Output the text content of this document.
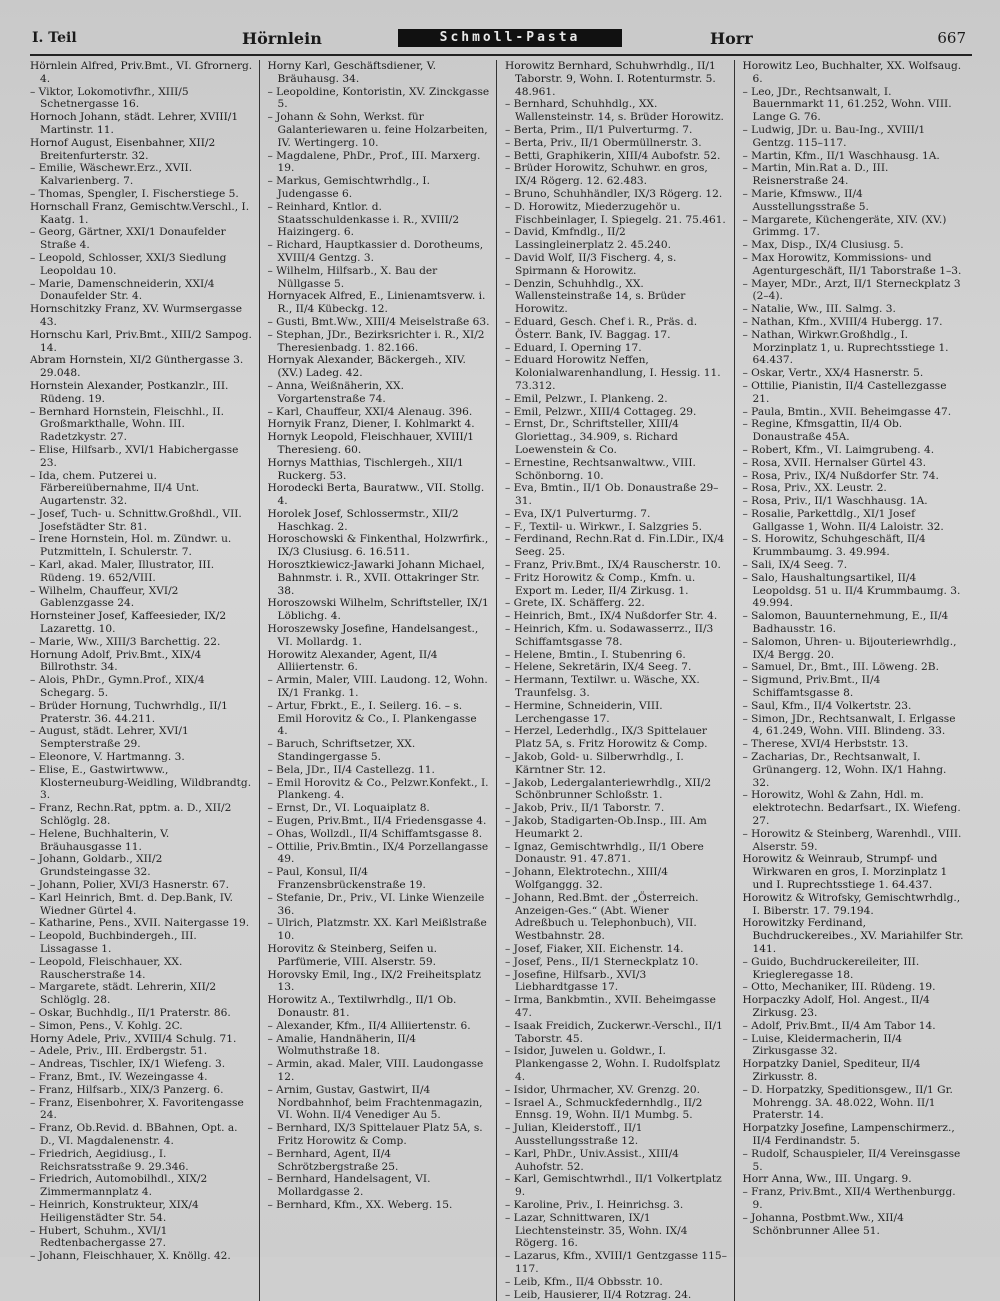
I. Teil	Hörnlein	Schmoll-Pasta	Horr	667

Hörnlein Alfred, Priv.Bmt., VI. Gfrornerg. 4.

– Viktor, Lokomotivfhr., XIII/5 Schetnergasse 16.

Hornoch Johann, städt. Lehrer, XVIII/1 Martinstr. 11.

Hornof August, Eisenbahner, XII/2 Breitenfurterstr. 32.

– Emilie, Wäschewr.Erz., XVII. Kalvarienberg. 7.

– Thomas, Spengler, I. Fischerstiege 5.

Hornschall Franz, Gemischtw.Verschl., I. Kaatg. 1.

– Georg, Gärtner, XXI/1 Donaufelder Straße 4.

– Leopold, Schlosser, XXI/3 Siedlung Leopoldau 10.

– Marie, Damenschneiderin, XXI/4 Donaufelder Str. 4.

Hornschitzky Franz, XV. Wurmsergasse 43.

Hornschu Karl, Priv.Bmt., XIII/2 Sampog. 14.

Abram Hornstein, XI/2 Günthergasse 3. 29.048.

Hornstein Alexander, Postkanzlr., III. Rüdeng. 19.

– Bernhard Hornstein, Fleischhl., II. Großmarkthalle, Wohn. III. Radetzkystr. 27.

– Elise, Hilfsarb., XVI/1 Habichergasse 23.

– Ida, chem. Putzerei u. Färbereiübernahme, II/4 Unt. Augartenstr. 32.

– Josef, Tuch- u. Schnittw.Großhdl., VII. Josefstädter Str. 81.

– Irene Hornstein, Hol. m. Zündwr. u. Putzmitteln, I. Schulerstr. 7.

– Karl, akad. Maler, Illustrator, III. Rüdeng. 19. 652/VIII.

– Wilhelm, Chauffeur, XVI/2 Gablenzgasse 24.

Hornsteiner Josef, Kaffeesieder, IX/2 Lazarettg. 10.

– Marie, Ww., XIII/3 Barchettig. 22.

Hornung Adolf, Priv.Bmt., XIX/4 Billrothstr. 34.

– Alois, PhDr., Gymn.Prof., XIX/4 Schegarg. 5.

– Brüder Hornung, Tuchwrhdlg., II/1 Praterstr. 36. 44.211.

– August, städt. Lehrer, XVI/1 Sempterstraße 29.

– Eleonore, V. Hartmanng. 3.

– Elise, E., Gastwirtwww., Klosterneuburg-Weidling, Wildbrandtg. 3.

– Franz, Rechn.Rat, pptm. a. D., XII/2 Schlöglg. 28.

– Helene, Buchhalterin, V. Bräuhausgasse 11.

– Johann, Goldarb., XII/2 Grundsteingasse 32.

– Johann, Polier, XVI/3 Hasnerstr. 67.

– Karl Heinrich, Bmt. d. Dep.Bank, IV. Wiedner Gürtel 4.

– Katharine, Pens., XVII. Naitergasse 19.

– Leopold, Buchbindergeh., III. Lissagasse 1.

– Leopold, Fleischhauer, XX. Rauscherstraße 14.

– Margarete, städt. Lehrerin, XII/2 Schlöglg. 28.

– Oskar, Buchhdlg., II/1 Praterstr. 86.

– Simon, Pens., V. Kohlg. 2C.

Horny Adele, Priv., XVIII/4 Schulg. 71.

– Adele, Priv., III. Erdbergstr. 51.

– Andreas, Tischler, IX/1 Wiefeng. 3.

– Franz, Bmt., IV. Wezeingasse 4.

– Franz, Hilfsarb., XIX/3 Panzerg. 6.

– Franz, Eisenbohrer, X. Favoritengasse 24.

– Franz, Ob.Revid. d. BBahnen, Opt. a. D., VI. Magdalenenstr. 4.

– Friedrich, Aegidiusg., I. Reichsratsstraße 9. 29.346.

– Friedrich, Automobilhdl., XIX/2 Zimmermannplatz 4.

– Heinrich, Konstrukteur, XIX/4 Heiligenstädter Str. 54.

– Hubert, Schuhm., XVI/1 Redtenbachergasse 27.

– Johann, Fleischhauer, X. Knöllg. 42.

Horny Karl, Geschäftsdiener, V. Bräuhausg. 34.

– Leopoldine, Kontoristin, XV. Zinckgasse 5.

– Johann & Sohn, Werkst. für Galanteriewaren u. feine Holzarbeiten, IV. Wertingerg. 10.

– Magdalene, PhDr., Prof., III. Marxerg. 19.

– Markus, Gemischtwrhdlg., I. Judengasse 6.

– Reinhard, Kntlor. d. Staatsschuldenkasse i. R., XVIII/2 Haizingerg. 6.

– Richard, Hauptkassier d. Dorotheums, XVIII/4 Gentzg. 3.

– Wilhelm, Hilfsarb., X. Bau der Nüllgasse 5.

Hornyacek Alfred, E., Linienamtsverw. i. R., II/4 Kübeckg. 12.

– Gusti, Bmt.Ww., XIII/4 Meiselstraße 63.

– Stephan, JDr., Bezirksrichter i. R., XI/2 Theresienbadg. 1. 82.166.

Hornyak Alexander, Bäckergeh., XIV. (XV.) Ladeg. 42.

– Anna, Weißnäherin, XX. Vorgartenstraße 74.

– Karl, Chauffeur, XXI/4 Alenaug. 396.

Hornyik Franz, Diener, I. Kohlmarkt 4.

Hornyk Leopold, Fleischhauer, XVIII/1 Theresieng. 60.

Hornys Matthias, Tischlergeh., XII/1 Ruckerg. 53.

Horodecki Berta, Bauratww., VII. Stollg. 4.

Horolek Josef, Schlossermstr., XII/2 Haschkag. 2.

Horoschowski & Finkenthal, Holzwrfirk., IX/3 Clusiusg. 6. 16.511.

Horosztkiewicz-Jawarki Johann Michael, Bahnmstr. i. R., XVII. Ottakringer Str. 38.

Horoszowski Wilhelm, Schriftsteller, IX/1 Löblichg. 4.

Horoszewsky Josefine, Handelsangest., VI. Mollardg. 1.

Horowitz Alexander, Agent, II/4 Alliiertenstr. 6.

– Armin, Maler, VIII. Laudong. 12, Wohn. IX/1 Frankg. 1.

– Artur, Fbrkt., E., I. Seilerg. 16. – s. Emil Horovitz & Co., I. Plankengasse 4.

– Baruch, Schriftsetzer, XX. Standingergasse 5.

– Bela, JDr., II/4 Castellezg. 11.

– Emil Horovitz & Co., Pelzwr.Konfekt., I. Plankeng. 4.

– Ernst, Dr., VI. Loquaiplatz 8.

– Eugen, Priv.Bmt., II/4 Friedensgasse 4.

– Ohas, Wollzdl., II/4 Schiffamtsgasse 8.

– Ottilie, Priv.Bmtin., IX/4 Porzellangasse 49.

– Paul, Konsul, II/4 Franzensbrückenstraße 19.

– Stefanie, Dr., Priv., VI. Linke Wienzeile 36.

– Ulrich, Platzmstr. XX. Karl Meißlstraße 10.

Horovitz & Steinberg, Seifen u. Parfümerie, VIII. Alserstr. 59.

Horovsky Emil, Ing., IX/2 Freiheitsplatz 13.

Horowitz A., Textilwrhdlg., II/1 Ob. Donaustr. 81.

– Alexander, Kfm., II/4 Alliiertenstr. 6.

– Amalie, Handnäherin, II/4 Wolmuthstraße 18.

– Armin, akad. Maler, VIII. Laudongasse 12.

– Arnim, Gustav, Gastwirt, II/4 Nordbahnhof, beim Frachtenmagazin, VI. Wohn. II/4 Venediger Au 5.

– Bernhard, IX/3 Spittelauer Platz 5A, s. Fritz Horowitz & Comp.

– Bernhard, Agent, II/4 Schrötzbergstraße 25.

– Bernhard, Handelsagent, VI. Mollardgasse 2.

– Bernhard, Kfm., XX. Weberg. 15.

Horowitz Bernhard, Schuhwrhdlg., II/1 Taborstr. 9, Wohn. I. Rotenturmstr. 5. 48.961.

– Bernhard, Schuhhdlg., XX. Wallensteinstr. 14, s. Brüder Horowitz.

– Berta, Prim., II/1 Pulverturmg. 7.

– Berta, Priv., II/1 Obermüllnerstr. 3.

– Betti, Graphikerin, XIII/4 Aubofstr. 52.

– Brüder Horowitz, Schuhwr. en gros, IX/4 Rögerg. 12. 62.483.

– Bruno, Schuhhändler, IX/3 Rögerg. 12.

– D. Horowitz, Miederzugehör u. Fischbeinlager, I. Spiegelg. 21. 75.461.

– David, Kmfndlg., II/2 Lassingleinerplatz 2. 45.240.

– David Wolf, II/3 Fischerg. 4, s. Spirmann & Horowitz.

– Denzin, Schuhhdlg., XX. Wallensteinstraße 14, s. Brüder Horowitz.

– Eduard, Gesch. Chef i. R., Präs. d. Österr. Bank, IV. Baggag. 17.

– Eduard, I. Operning 17.

– Eduard Horowitz Neffen, Kolonialwarenhandlung, I. Hessig. 11. 73.312.

– Emil, Pelzwr., I. Plankeng. 2.

– Emil, Pelzwr., XIII/4 Cottageg. 29.

– Ernst, Dr., Schriftsteller, XIII/4 Gloriettag., 34.909, s. Richard Loewenstein & Co.

– Ernestine, Rechtsanwaltww., VIII. Schönborng. 10.

– Eva, Bmtin., II/1 Ob. Donaustraße 29–31.

– Eva, IX/1 Pulverturmg. 7.

– F., Textil- u. Wirkwr., I. Salzgries 5.

– Ferdinand, Rechn.Rat d. Fin.LDir., IX/4 Seeg. 25.

– Franz, Priv.Bmt., IX/4 Rauscherstr. 10.

– Fritz Horowitz & Comp., Kmfn. u. Export m. Leder, II/4 Zirkusg. 1.

– Grete, IX. Schäfferg. 22.

– Heinrich, Bmt., IX/4 Nußdorfer Str. 4.

– Heinrich, Kfm. u. Sodawasserrz., II/3 Schiffamtsgasse 78.

– Helene, Bmtin., I. Stubenring 6.

– Helene, Sekretärin, IX/4 Seeg. 7.

– Hermann, Textilwr. u. Wäsche, XX. Traunfelsg. 3.

– Hermine, Schneiderin, VIII. Lerchengasse 17.

– Herzel, Lederhdlg., IX/3 Spittelauer Platz 5A, s. Fritz Horowitz & Comp.

– Jakob, Gold- u. Silberwrhdlg., I. Kärntner Str. 12.

– Jakob, Ledergalanteriewrhdlg., XII/2 Schönbrunner Schloßstr. 1.

– Jakob, Priv., II/1 Taborstr. 7.

– Jakob, Stadigarten-Ob.Insp., III. Am Heumarkt 2.

– Ignaz, Gemischtwrhdlg., II/1 Obere Donaustr. 91. 47.871.

– Johann, Elektrotechn., XIII/4 Wolfganggg. 32.

– Johann, Red.Bmt. der „Österreich. Anzeigen-Ges.“ (Abt. Wiener Adreßbuch u. Telephonbuch), VII. Westbahnstr. 28.

– Josef, Fiaker, XII. Eichenstr. 14.

– Josef, Pens., II/1 Sterneckplatz 10.

– Josefine, Hilfsarb., XVI/3 Liebhardtgasse 17.

– Irma, Bankbmtin., XVII. Beheimgasse 47.

– Isaak Freidich, Zuckerwr.-Verschl., II/1 Taborstr. 45.

– Isidor, Juwelen u. Goldwr., I. Plankengasse 2, Wohn. I. Rudolfsplatz 4.

– Isidor, Uhrmacher, XV. Grenzg. 20.

– Israel A., Schmuckfedernhdlg., II/2 Ennsg. 19, Wohn. II/1 Mumbg. 5.

– Julian, Kleiderstoff., II/1 Ausstellungsstraße 12.

– Karl, PhDr., Univ.Assist., XIII/4 Auhofstr. 52.

– Karl, Gemischtwrhdl., II/1 Volkertplatz 9.

– Karoline, Priv., I. Heinrichsg. 3.

– Lazar, Schnittwaren, IX/1 Liechtensteinstr. 35, Wohn. IX/4 Rögerg. 16.

– Lazarus, Kfm., XVIII/1 Gentzgasse 115–117.

– Leib, Kfm., II/4 Obbsstr. 10.

– Leib, Hausierer, II/4 Rotzrag. 24.

Horowitz Leo, Buchhalter, XX. Wolfsaug. 6.

– Leo, JDr., Rechtsanwalt, I. Bauernmarkt 11, 61.252, Wohn. VIII. Lange G. 76.

– Ludwig, JDr. u. Bau-Ing., XVIII/1 Gentzg. 115–117.

– Martin, Kfm., II/1 Waschhausg. 1A.

– Martin, Min.Rat a. D., III. Reisnerstraße 24.

– Marie, Kfmsww., II/4 Ausstellungsstraße 5.

– Margarete, Küchengeräte, XIV. (XV.) Grimmg. 17.

– Max, Disp., IX/4 Clusiusg. 5.

– Max Horowitz, Kommissions- und Agenturgeschäft, II/1 Taborstraße 1–3.

– Mayer, MDr., Arzt, II/1 Sterneckplatz 3 (2–4).

– Natalie, Ww., III. Salmg. 3.

– Nathan, Kfm., XVIII/4 Hubergg. 17.

– Nathan, Wirkwr.Großhdlg., I. Morzinplatz 1, u. Ruprechtsstiege 1. 64.437.

– Oskar, Vertr., XX/4 Hasnerstr. 5.

– Ottilie, Pianistin, II/4 Castellezgasse 21.

– Paula, Bmtin., XVII. Beheimgasse 47.

– Regine, Kfmsgattin, II/4 Ob. Donaustraße 45A.

– Robert, Kfm., VI. Laimgrubeng. 4.

– Rosa, XVII. Hernalser Gürtel 43.

– Rosa, Priv., IX/4 Nußdorfer Str. 74.

– Rosa, Priv., XX. Leustr. 2.

– Rosa, Priv., II/1 Waschhausg. 1A.

– Rosalie, Parkettdlg., XI/1 Josef Gallgasse 1, Wohn. II/4 Laloistr. 32.

– S. Horowitz, Schuhgeschäft, II/4 Krummbaumg. 3. 49.994.

– Sali, IX/4 Seeg. 7.

– Salo, Haushaltungsartikel, II/4 Leopoldsg. 51 u. II/4 Krummbaumg. 3. 49.994.

– Salomon, Bauunternehmung, E., II/4 Badhausstr. 16.

– Salomon, Uhren- u. Bijouteriewrhdlg., IX/4 Bergg. 20.

– Samuel, Dr., Bmt., III. Löweng. 2B.

– Sigmund, Priv.Bmt., II/4 Schiffamtsgasse 8.

– Saul, Kfm., II/4 Volkertstr. 23.

– Simon, JDr., Rechtsanwalt, I. Erlgasse 4, 61.249, Wohn. VIII. Blindeng. 33.

– Therese, XVI/4 Herbststr. 13.

– Zacharias, Dr., Rechtsanwalt, I. Grünangerg. 12, Wohn. IX/1 Hahng. 32.

– Horowitz, Wohl & Zahn, Hdl. m. elektrotechn. Bedarfsart., IX. Wiefeng. 27.

– Horowitz & Steinberg, Warenhdl., VIII. Alserstr. 59.

Horowitz & Weinraub, Strumpf- und Wirkwaren en gros, I. Morzinplatz 1 und I. Ruprechtsstiege 1. 64.437.

Horowitz & Witrofsky, Gemischtwrhdlg., I. Biberstr. 17. 79.194.

Horowitzky Ferdinand, Buchdruckereibes., XV. Mariahilfer Str. 141.

– Guido, Buchdruckereileiter, III. Kriegleregasse 18.

– Otto, Mechaniker, III. Rüdeng. 19.

Horpaczky Adolf, Hol. Angest., II/4 Zirkusg. 23.

– Adolf, Priv.Bmt., II/4 Am Tabor 14.

– Luise, Kleidermacherin, II/4 Zirkusgasse 32.

Horpatzky Daniel, Spediteur, II/4 Zirkusstr. 8.

– D. Horpatzky, Speditionsgew., II/1 Gr. Mohrengg. 3A. 48.022, Wohn. II/1 Praterstr. 14.

Horpatzky Josefine, Lampenschirmerz., II/4 Ferdinandstr. 5.

– Rudolf, Schauspieler, II/4 Vereinsgasse 5.

Horr Anna, Ww., III. Ungarg. 9.

– Franz, Priv.Bmt., XII/4 Werthenburgg. 9.

– Johanna, Postbmt.Ww., XII/4 Schönbrunner Allee 51.
